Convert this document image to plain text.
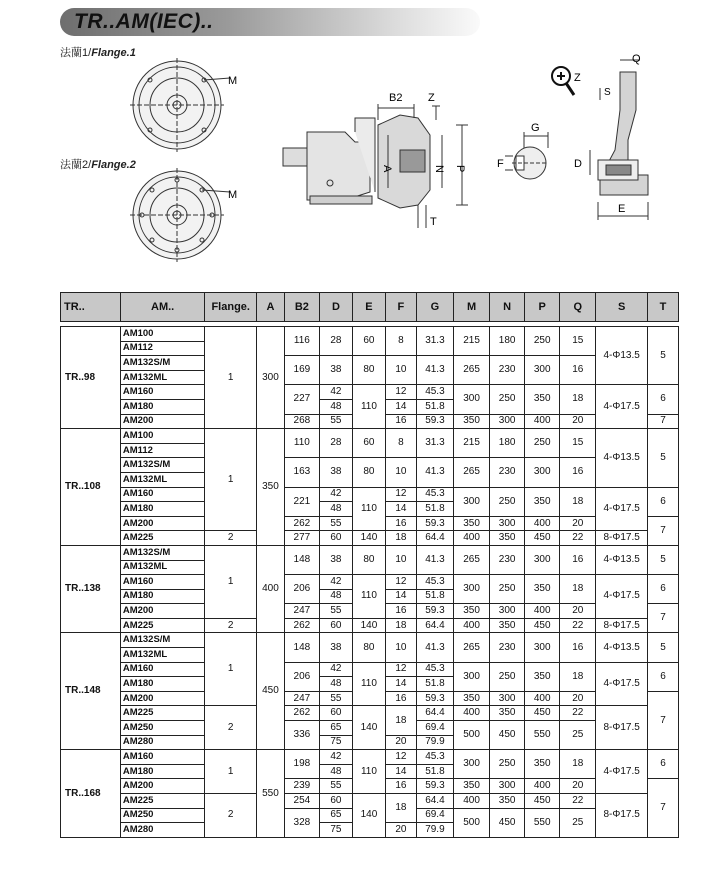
TR..AM(IEC)..
法蘭1/Flange.1
法蘭2/Flange.2
M
M
B2 Z
A	N P
T
G
F
Z
Q
S
D
E
TR..	AM..	Flange.	A	B2	D	E	F	G	M	N	P	Q	S	T

TR..98	AM100	1	300	116	28	60	8	31.3	215	180	250	15	4-Φ13.5	5
	AM112													
	AM132S/M			169	38	80	10	41.3	265	230	300	16		
	AM132ML													
	AM160			227	42	110	12	45.3	300	250	350	18	4-Φ17.5	6
	AM180				48		14	51.8						
	AM200			268	55		16	59.3	350	300	400	20		7
TR..108	AM100	1	350	110	28	60	8	31.3	215	180	250	15	4-Φ13.5	5
	AM112													
	AM132S/M			163	38	80	10	41.3	265	230	300	16		
	AM132ML													
	AM160			221	42	110	12	45.3	300	250	350	18	4-Φ17.5	6
	AM180				48		14	51.8						
	AM200			262	55		16	59.3	350	300	400	20		7
	AM225	2		277	60	140	18	64.4	400	350	450	22	8-Φ17.5	
TR..138	AM132S/M	1	400	148	38	80	10	41.3	265	230	300	16	4-Φ13.5	5
	AM132ML													
	AM160			206	42	110	12	45.3	300	250	350	18	4-Φ17.5	6
	AM180				48		14	51.8						
	AM200			247	55		16	59.3	350	300	400	20		7
	AM225	2		262	60	140	18	64.4	400	350	450	22	8-Φ17.5	
TR..148	AM132S/M	1	450	148	38	80	10	41.3	265	230	300	16	4-Φ13.5	5
	AM132ML													
	AM160			206	42	110	12	45.3	300	250	350	18	4-Φ17.5	6
	AM180				48		14	51.8						
	AM200			247	55		16	59.3	350	300	400	20		7
	AM225	2		262	60	140	18	64.4	400	350	450	22	8-Φ17.5	
	AM250			336	65			69.4	500	450	550	25		
	AM280				75		20	79.9						
TR..168	AM160	1	550	198	42	110	12	45.3	300	250	350	18	4-Φ17.5	6
	AM180				48		14	51.8						
	AM200			239	55		16	59.3	350	300	400	20		7
	AM225	2		254	60	140	18	64.4	400	350	450	22	8-Φ17.5	
	AM250			328	65			69.4	500	450	550	25		
	AM280				75		20	79.9						
